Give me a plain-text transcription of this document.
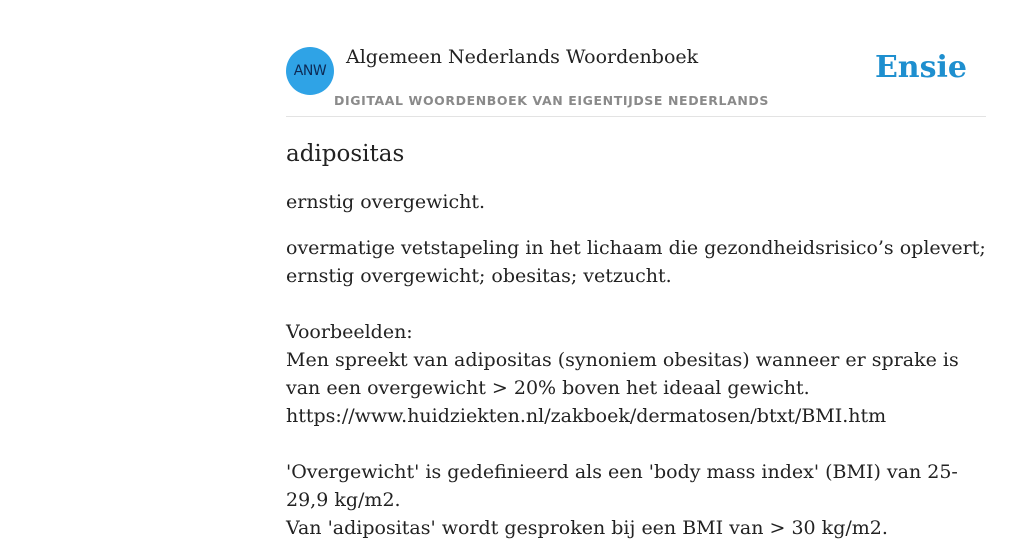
ANW
Algemeen Nederlands Woordenboek
DIGITAAL WOORDENBOEK VAN EIGENTIJDSE NEDERLANDS
Ensie
adipositas

ernstig overgewicht.

overmatige vetstapeling in het lichaam die gezondheidsrisico’s oplevert; ernstig overgewicht; obesitas; vetzucht.
Voorbeelden:
Men spreekt van adipositas (synoniem obesitas) wanneer er sprake is van een overgewicht > 20% boven het ideaal gewicht.
https://www.huidziekten.nl/zakboek/dermatosen/btxt/BMI.htm
'Overgewicht' is gedefinieerd als een 'body mass index' (BMI) van 25-29,9 kg/m2.
Van 'adipositas' wordt gesproken bij een BMI van > 30 kg/m2.
